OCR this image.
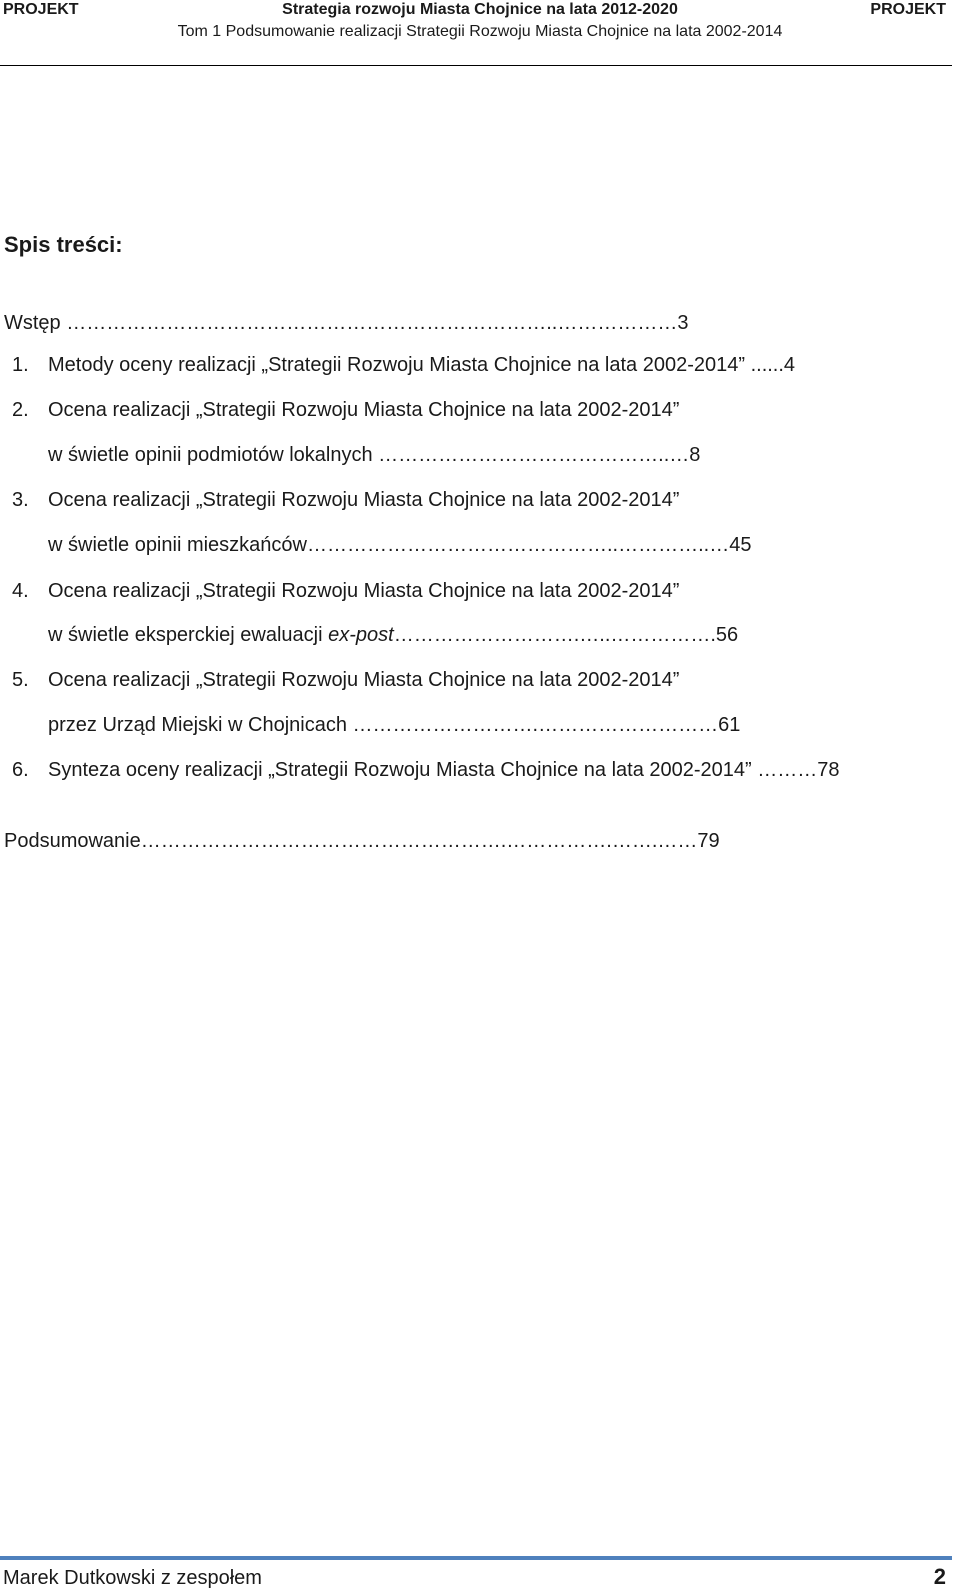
PROJEKT	Strategia rozwoju Miasta Chojnice na lata 2012-2020	PROJEKT
Tom 1 Podsumowanie realizacji Strategii Rozwoju Miasta Chojnice na lata 2002-2014
Spis treści:
Wstęp ………………………………………………………………..………………3
1. Metody oceny realizacji „Strategii Rozwoju Miasta Chojnice na lata 2002-2014” ......4
2. Ocena realizacji „Strategii Rozwoju Miasta Chojnice na lata 2002-2014”
w świetle opinii podmiotów lokalnych ……………………………………..…8
3. Ocena realizacji „Strategii Rozwoju Miasta Chojnice na lata 2002-2014”
w świetle opinii mieszkańców………………………………………..…………..…45
4. Ocena realizacji „Strategii Rozwoju Miasta Chojnice na lata 2002-2014”
w świetle eksperckiej ewaluacji ex-post……………………….…..…………….56
5. Ocena realizacji „Strategii Rozwoju Miasta Chojnice na lata 2002-2014”
przez Urząd Miejski w Chojnicach ……………………….………………………61
6. Synteza oceny realizacji „Strategii Rozwoju Miasta Chojnice na lata 2002-2014” ………78
Podsumowanie……………………………………………….…………….…….……79
Marek Dutkowski z zespołem	2
